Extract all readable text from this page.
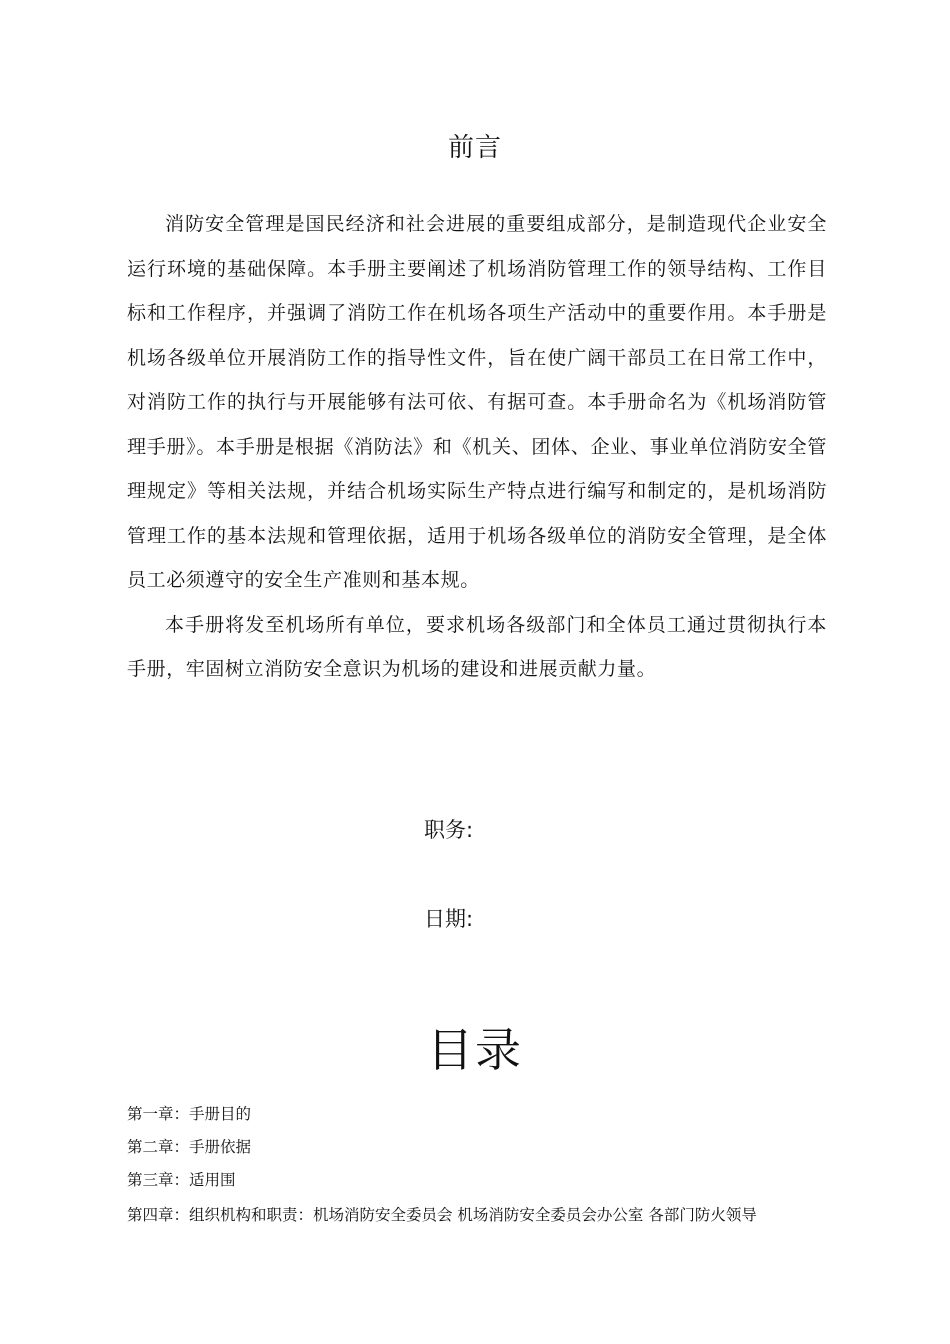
前言

消防安全管理是国民经济和社会进展的重要组成部分，是制造现代企业安全运行环境的基础保障。本手册主要阐述了机场消防管理工作的领导结构、工作目标和工作程序，并强调了消防工作在机场各项生产活动中的重要作用。本手册是机场各级单位开展消防工作的指导性文件，旨在使广阔干部员工在日常工作中，对消防工作的执行与开展能够有法可依、有据可查。本手册命名为《机场消防管理手册》。本手册是根据《消防法》和《机关、团体、企业、事业单位消防安全管理规定》等相关法规，并结合机场实际生产特点进行编写和制定的，是机场消防管理工作的基本法规和管理依据，适用于机场各级单位的消防安全管理，是全体员工必须遵守的安全生产准则和基本规。

本手册将发至机场所有单位，要求机场各级部门和全体员工通过贯彻执行本手册，牢固树立消防安全意识为机场的建设和进展贡献力量。

职务:
日期:
目录
第一章：手册目的
第二章：手册依据
第三章：适用围
第四章：组织机构和职责：机场消防安全委员会 机场消防安全委员会办公室 各部门防火领导
